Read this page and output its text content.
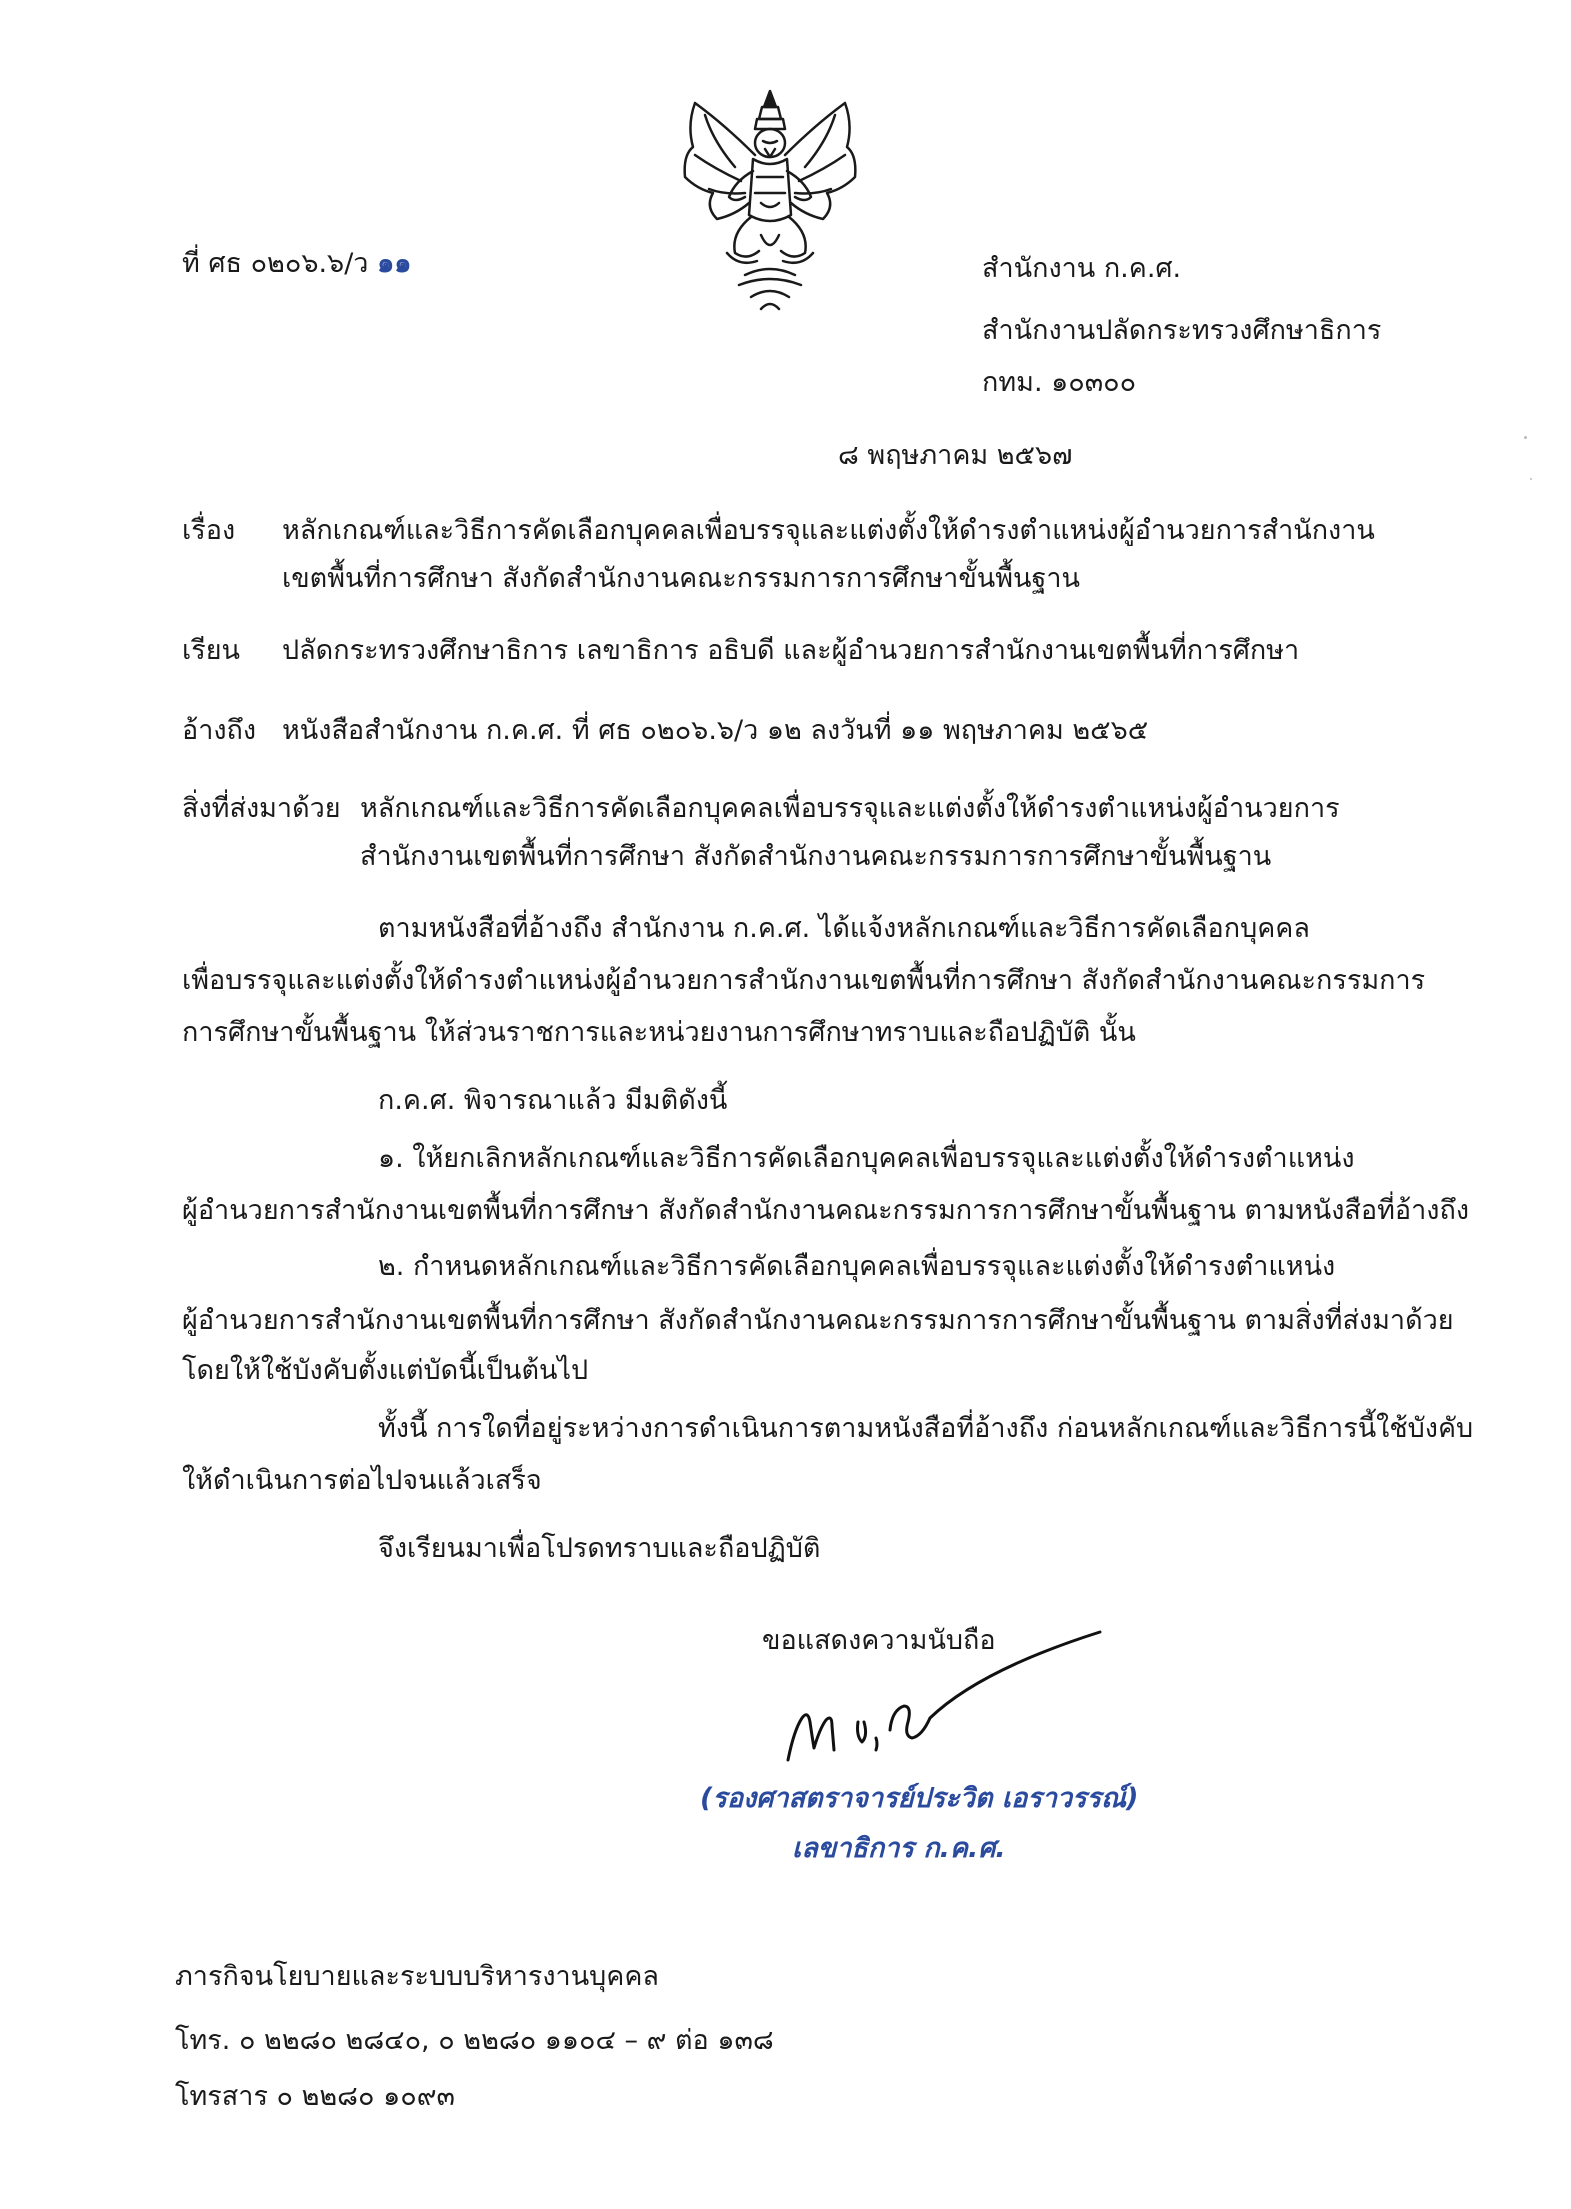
ที่ ศธ ๐๒๐๖.๖/ว ๑๑	สำนักงาน ก.ค.ศ.
สำนักงานปลัดกระทรวงศึกษาธิการ
กทม. ๑๐๓๐๐
๘ พฤษภาคม ๒๕๖๗
เรื่อง หลักเกณฑ์และวิธีการคัดเลือกบุคคลเพื่อบรรจุและแต่งตั้งให้ดำรงตำแหน่งผู้อำนวยการสำนักงาน
เขตพื้นที่การศึกษา สังกัดสำนักงานคณะกรรมการการศึกษาขั้นพื้นฐาน
เรียน ปลัดกระทรวงศึกษาธิการ เลขาธิการ อธิบดี และผู้อำนวยการสำนักงานเขตพื้นที่การศึกษา
อ้างถึง หนังสือสำนักงาน ก.ค.ศ. ที่ ศธ ๐๒๐๖.๖/ว ๑๒ ลงวันที่ ๑๑ พฤษภาคม ๒๕๖๕
สิ่งที่ส่งมาด้วย หลักเกณฑ์และวิธีการคัดเลือกบุคคลเพื่อบรรจุและแต่งตั้งให้ดำรงตำแหน่งผู้อำนวยการ
สำนักงานเขตพื้นที่การศึกษา สังกัดสำนักงานคณะกรรมการการศึกษาขั้นพื้นฐาน
ตามหนังสือที่อ้างถึง สำนักงาน ก.ค.ศ. ได้แจ้งหลักเกณฑ์และวิธีการคัดเลือกบุคคล
เพื่อบรรจุและแต่งตั้งให้ดำรงตำแหน่งผู้อำนวยการสำนักงานเขตพื้นที่การศึกษา สังกัดสำนักงานคณะกรรมการ
การศึกษาขั้นพื้นฐาน ให้ส่วนราชการและหน่วยงานการศึกษาทราบและถือปฏิบัติ นั้น
ก.ค.ศ. พิจารณาแล้ว มีมติดังนี้
๑. ให้ยกเลิกหลักเกณฑ์และวิธีการคัดเลือกบุคคลเพื่อบรรจุและแต่งตั้งให้ดำรงตำแหน่ง
ผู้อำนวยการสำนักงานเขตพื้นที่การศึกษา สังกัดสำนักงานคณะกรรมการการศึกษาขั้นพื้นฐาน ตามหนังสือที่อ้างถึง
๒. กำหนดหลักเกณฑ์และวิธีการคัดเลือกบุคคลเพื่อบรรจุและแต่งตั้งให้ดำรงตำแหน่ง
ผู้อำนวยการสำนักงานเขตพื้นที่การศึกษา สังกัดสำนักงานคณะกรรมการการศึกษาขั้นพื้นฐาน ตามสิ่งที่ส่งมาด้วย
โดยให้ใช้บังคับตั้งแต่บัดนี้เป็นต้นไป
ทั้งนี้ การใดที่อยู่ระหว่างการดำเนินการตามหนังสือที่อ้างถึง ก่อนหลักเกณฑ์และวิธีการนี้ใช้บังคับ
ให้ดำเนินการต่อไปจนแล้วเสร็จ
จึงเรียนมาเพื่อโปรดทราบและถือปฏิบัติ
ขอแสดงความนับถือ
(รองศาสตราจารย์ประวิต เอราวรรณ์)
เลขาธิการ ก.ค.ศ.
ภารกิจนโยบายและระบบบริหารงานบุคคล
โทร. ๐ ๒๒๘๐ ๒๘๔๐, ๐ ๒๒๘๐ ๑๑๐๔ – ๙ ต่อ ๑๓๘
โทรสาร ๐ ๒๒๘๐ ๑๐๙๓
